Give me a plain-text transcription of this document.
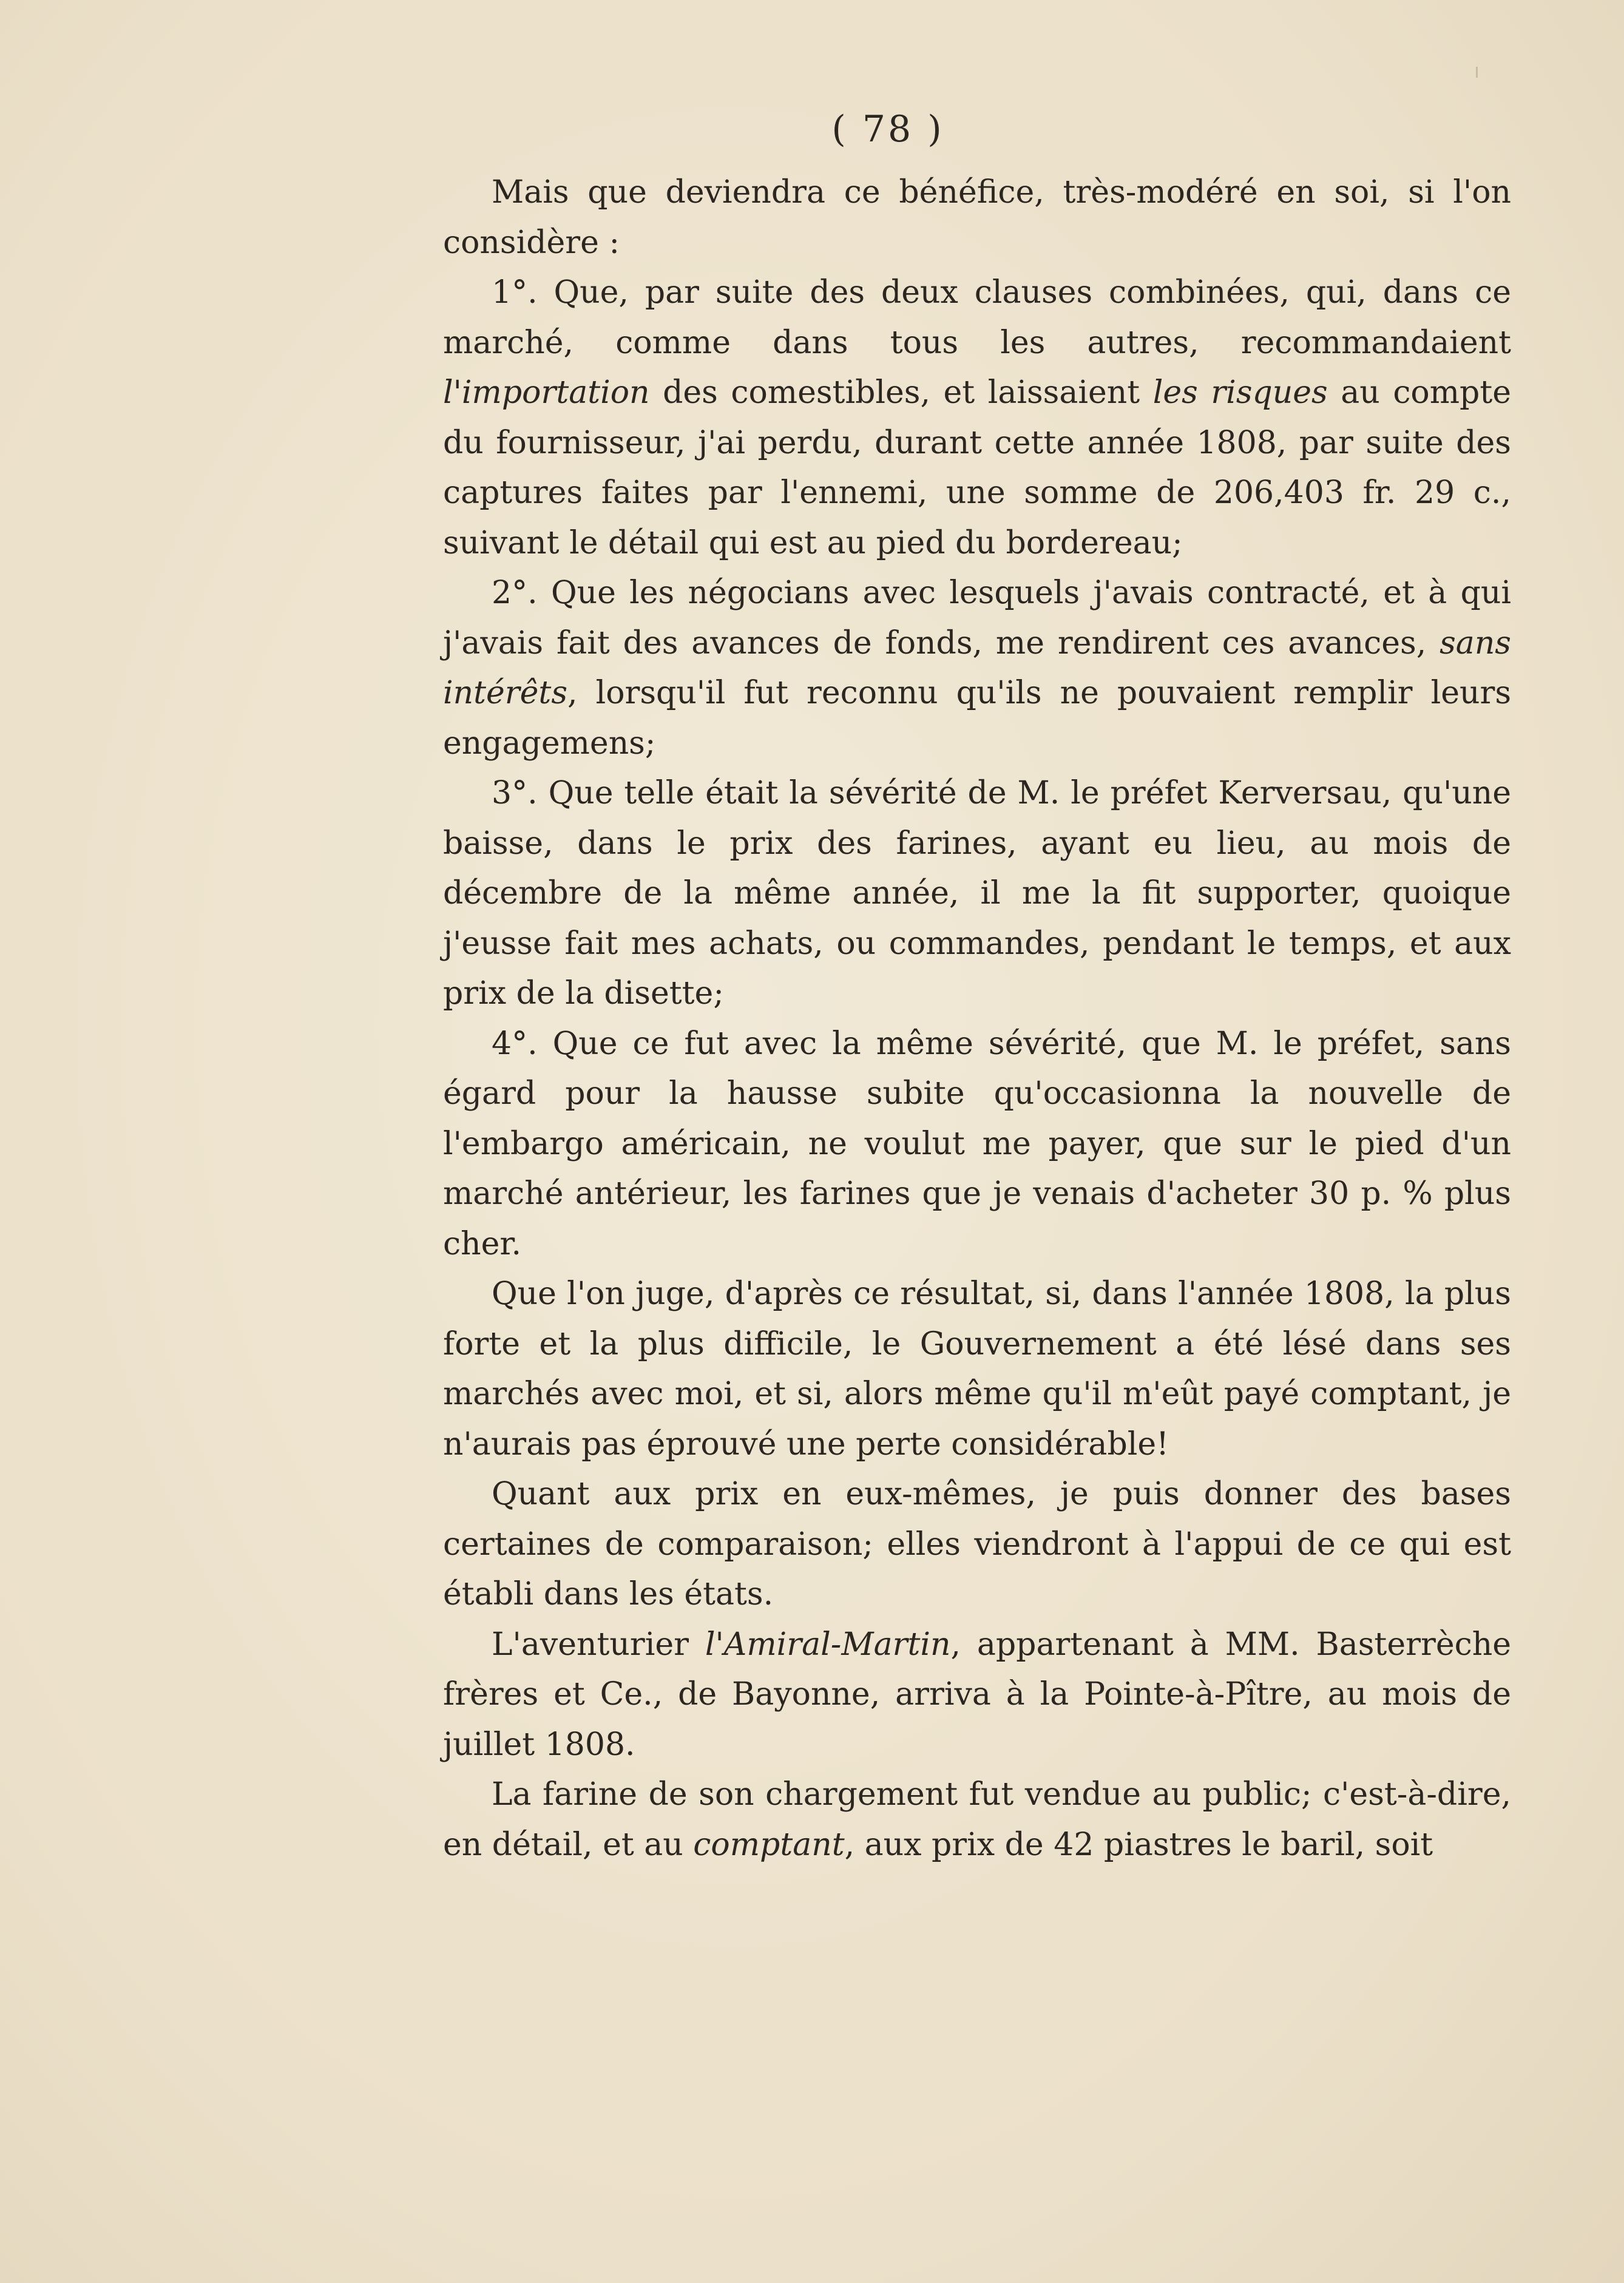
( 78 )

Mais que deviendra ce bénéfice, très-modéré en soi, si l'on considère :

1°. Que, par suite des deux clauses combinées, qui, dans ce marché, comme dans tous les autres, recommandaient l'importation des comestibles, et laissaient les risques au compte du fournisseur, j'ai perdu, durant cette année 1808, par suite des captures faites par l'ennemi, une somme de 206,403 fr. 29 c., suivant le détail qui est au pied du bordereau;

2°. Que les négocians avec lesquels j'avais contracté, et à qui j'avais fait des avances de fonds, me rendirent ces avances, sans intérêts, lorsqu'il fut reconnu qu'ils ne pouvaient remplir leurs engagemens;

3°. Que telle était la sévérité de M. le préfet Kerversau, qu'une baisse, dans le prix des farines, ayant eu lieu, au mois de décembre de la même année, il me la fit supporter, quoique j'eusse fait mes achats, ou commandes, pendant le temps, et aux prix de la disette;

4°. Que ce fut avec la même sévérité, que M. le préfet, sans égard pour la hausse subite qu'occasionna la nouvelle de l'embargo américain, ne voulut me payer, que sur le pied d'un marché antérieur, les farines que je venais d'acheter 30 p. % plus cher.

Que l'on juge, d'après ce résultat, si, dans l'année 1808, la plus forte et la plus difficile, le Gouvernement a été lésé dans ses marchés avec moi, et si, alors même qu'il m'eût payé comptant, je n'aurais pas éprouvé une perte considérable!

Quant aux prix en eux-mêmes, je puis donner des bases certaines de comparaison; elles viendront à l'appui de ce qui est établi dans les états.

L'aventurier l'Amiral-Martin, appartenant à MM. Basterrèche frères et Ce., de Bayonne, arriva à la Pointe-à-Pître, au mois de juillet 1808.

La farine de son chargement fut vendue au public; c'est-à-dire, en détail, et au comptant, aux prix de 42 piastres le baril, soit
